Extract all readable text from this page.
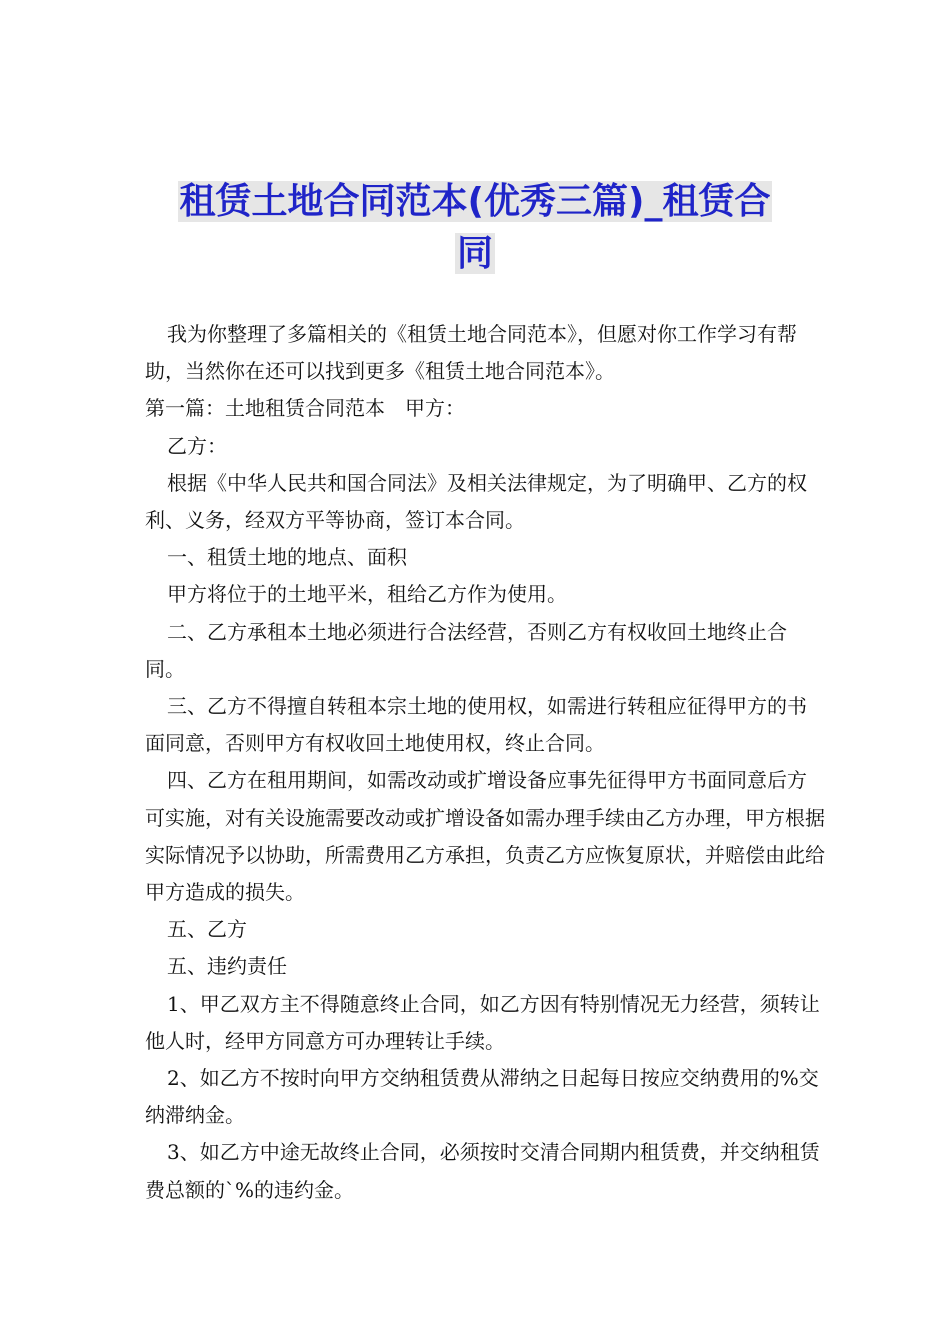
租赁土地合同范本(优秀三篇)_租赁合
同

我为你整理了多篇相关的《租赁土地合同范本》，但愿对你工作学习有帮助，当然你在还可以找到更多《租赁土地合同范本》。

第一篇：土地租赁合同范本　甲方：

乙方：

根据《中华人民共和国合同法》及相关法律规定，为了明确甲、乙方的权利、义务，经双方平等协商，签订本合同。

一、租赁土地的地点、面积

甲方将位于的土地平米，租给乙方作为使用。

二、乙方承租本土地必须进行合法经营，否则乙方有权收回土地终止合同。

三、乙方不得擅自转租本宗土地的使用权，如需进行转租应征得甲方的书面同意，否则甲方有权收回土地使用权，终止合同。

四、乙方在租用期间，如需改动或扩增设备应事先征得甲方书面同意后方可实施，对有关设施需要改动或扩增设备如需办理手续由乙方办理，甲方根据实际情况予以协助，所需费用乙方承担，负责乙方应恢复原状，并赔偿由此给甲方造成的损失。

五、乙方

五、违约责任

1、甲乙双方主不得随意终止合同，如乙方因有特别情况无力经营，须转让他人时，经甲方同意方可办理转让手续。

2、如乙方不按时向甲方交纳租赁费从滞纳之日起每日按应交纳费用的%交纳滞纳金。

3、如乙方中途无故终止合同，必须按时交清合同期内租赁费，并交纳租赁费总额的`%的违约金。
